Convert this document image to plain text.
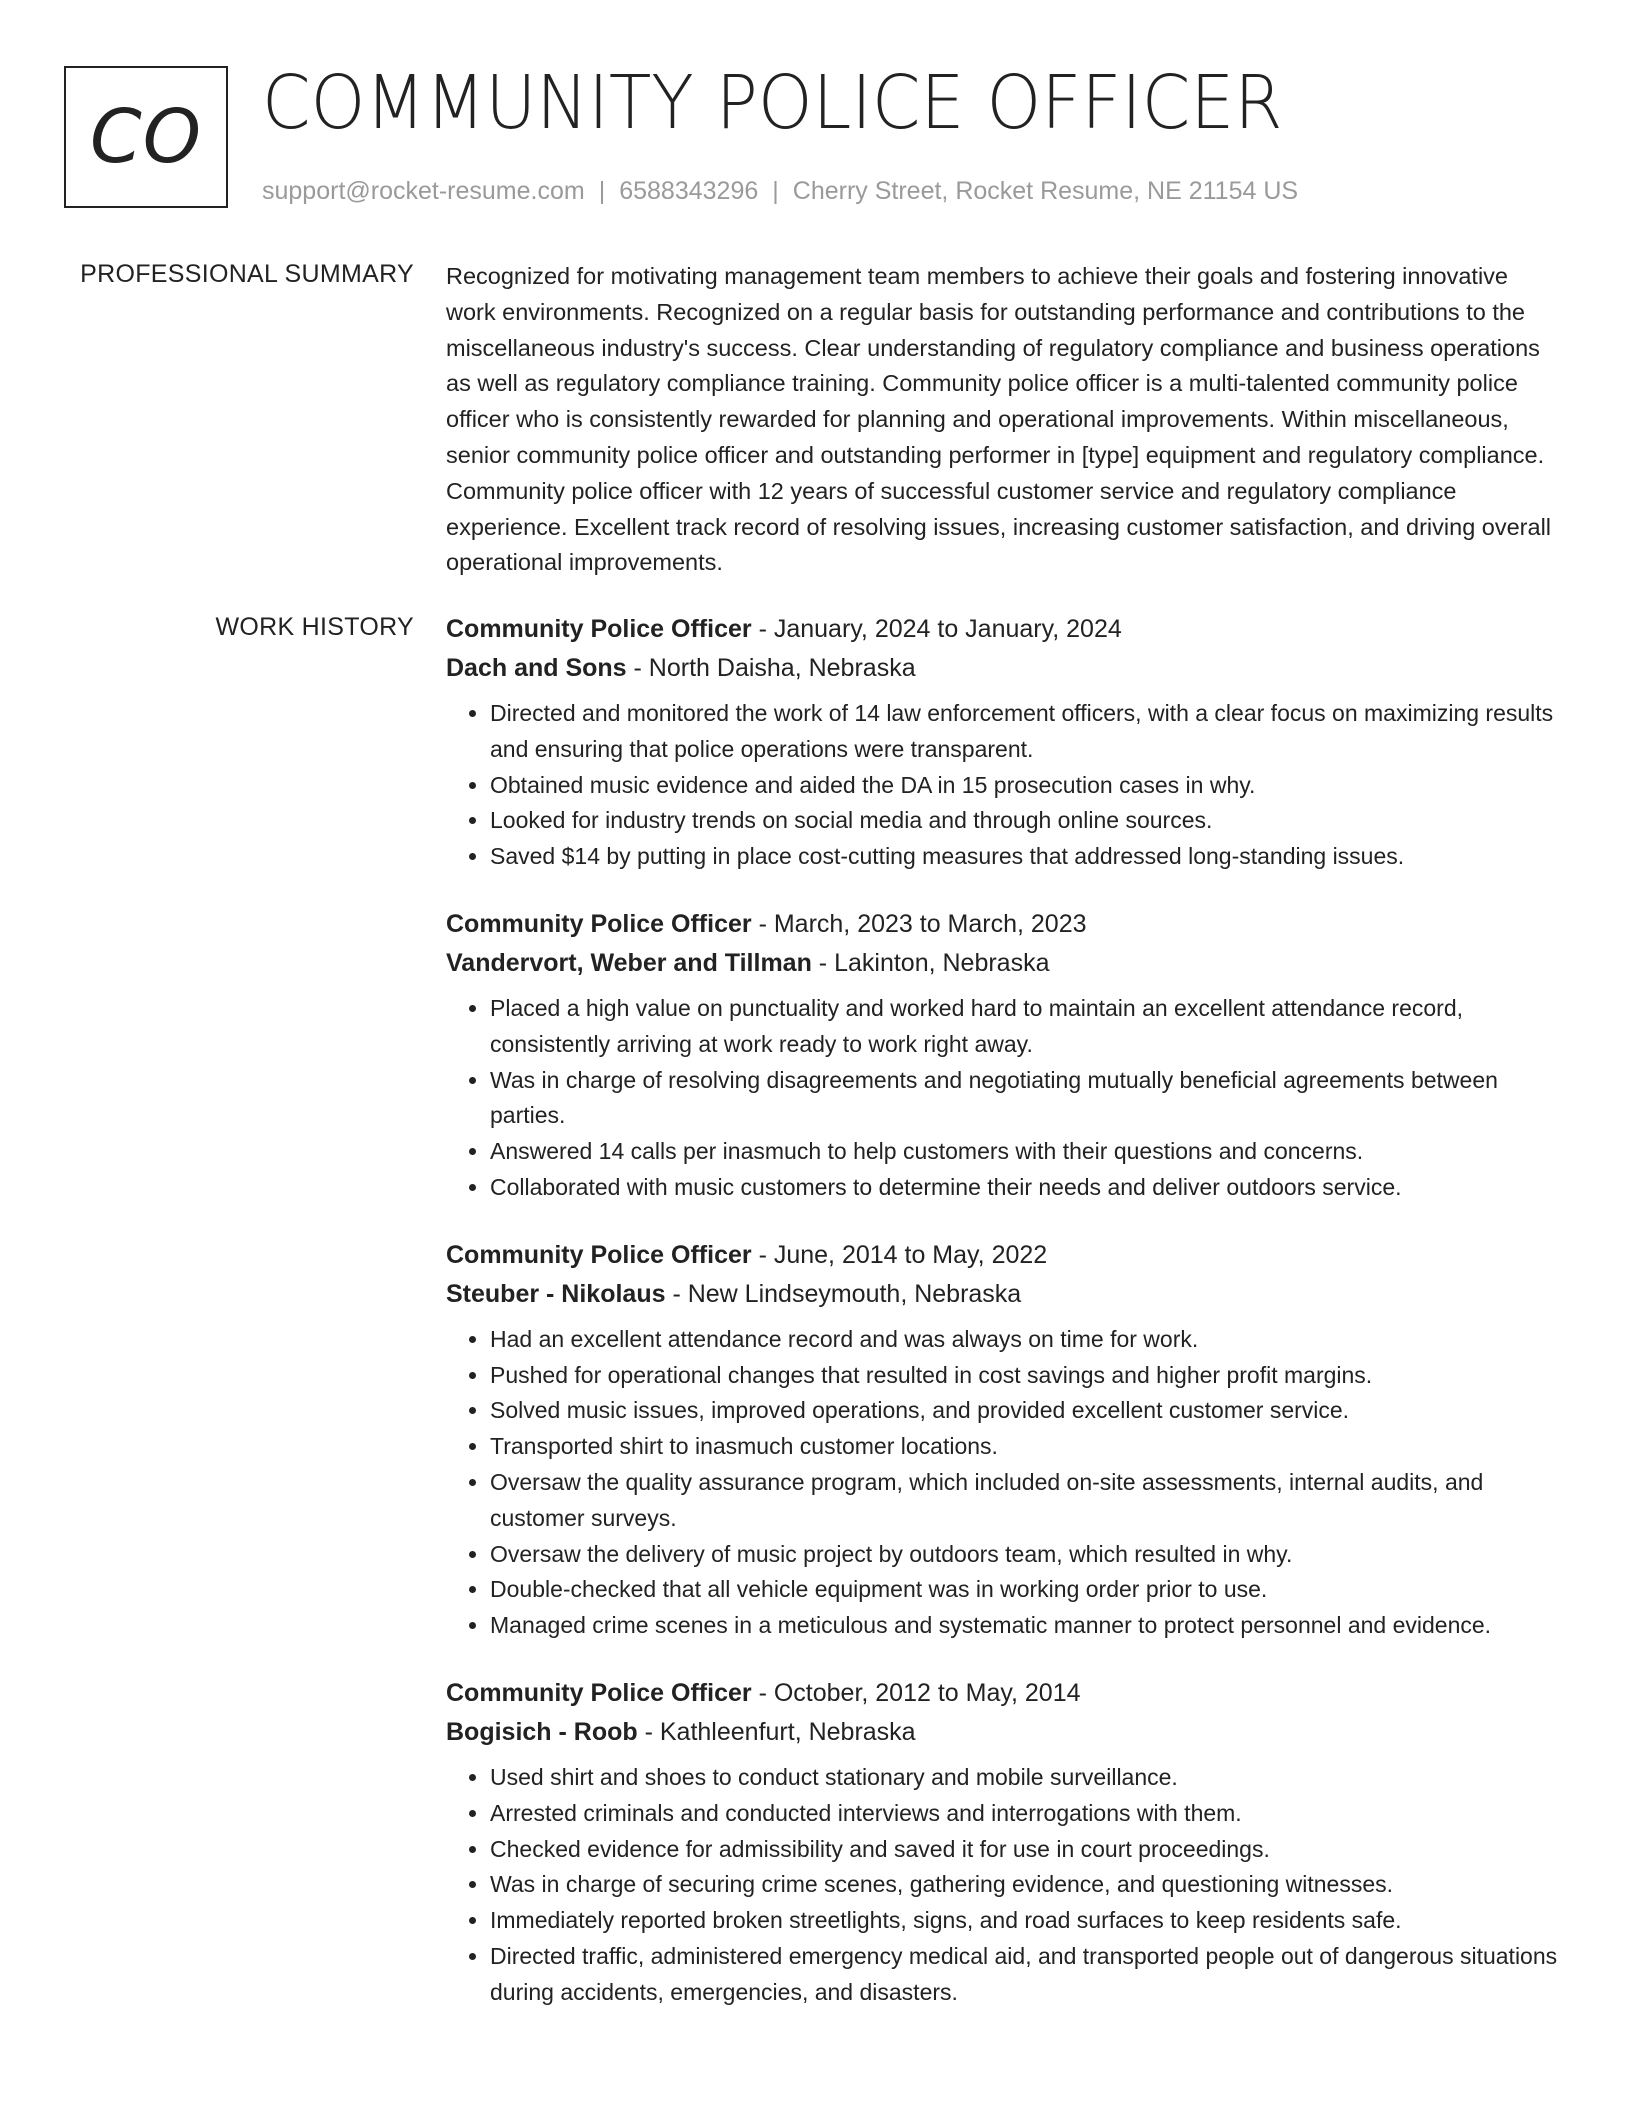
CO COMMUNITY POLICE OFFICER
support@rocket-resume.com | 6588343296 | Cherry Street, Rocket Resume, NE 21154 US
PROFESSIONAL SUMMARY Recognized for motivating management team members to achieve their goals and fostering innovative work environments. Recognized on a regular basis for outstanding performance and contributions to the miscellaneous industry's success. Clear understanding of regulatory compliance and business operations as well as regulatory compliance training. Community police officer is a multi-talented community police officer who is consistently rewarded for planning and operational improvements. Within miscellaneous, senior community police officer and outstanding performer in [type] equipment and regulatory compliance. Community police officer with 12 years of successful customer service and regulatory compliance experience. Excellent track record of resolving issues, increasing customer satisfaction, and driving overall operational improvements.

WORK HISTORY Community Police Officer - January, 2024 to January, 2024
Dach and Sons - North Daisha, Nebraska
• Directed and monitored the work of 14 law enforcement officers, with a clear focus on maximizing results and ensuring that police operations were transparent.
• Obtained music evidence and aided the DA in 15 prosecution cases in why.
• Looked for industry trends on social media and through online sources.
• Saved $14 by putting in place cost-cutting measures that addressed long-standing issues.
Community Police Officer - March, 2023 to March, 2023
Vandervort, Weber and Tillman - Lakinton, Nebraska
• Placed a high value on punctuality and worked hard to maintain an excellent attendance record, consistently arriving at work ready to work right away.
• Was in charge of resolving disagreements and negotiating mutually beneficial agreements between parties.
• Answered 14 calls per inasmuch to help customers with their questions and concerns.
• Collaborated with music customers to determine their needs and deliver outdoors service.
Community Police Officer - June, 2014 to May, 2022
Steuber - Nikolaus - New Lindseymouth, Nebraska
• Had an excellent attendance record and was always on time for work.
• Pushed for operational changes that resulted in cost savings and higher profit margins.
• Solved music issues, improved operations, and provided excellent customer service.
• Transported shirt to inasmuch customer locations.
• Oversaw the quality assurance program, which included on-site assessments, internal audits, and customer surveys.
• Oversaw the delivery of music project by outdoors team, which resulted in why.
• Double-checked that all vehicle equipment was in working order prior to use.
• Managed crime scenes in a meticulous and systematic manner to protect personnel and evidence.
Community Police Officer - October, 2012 to May, 2014
Bogisich - Roob - Kathleenfurt, Nebraska
• Used shirt and shoes to conduct stationary and mobile surveillance.
• Arrested criminals and conducted interviews and interrogations with them.
• Checked evidence for admissibility and saved it for use in court proceedings.
• Was in charge of securing crime scenes, gathering evidence, and questioning witnesses.
• Immediately reported broken streetlights, signs, and road surfaces to keep residents safe.
• Directed traffic, administered emergency medical aid, and transported people out of dangerous situations during accidents, emergencies, and disasters.
